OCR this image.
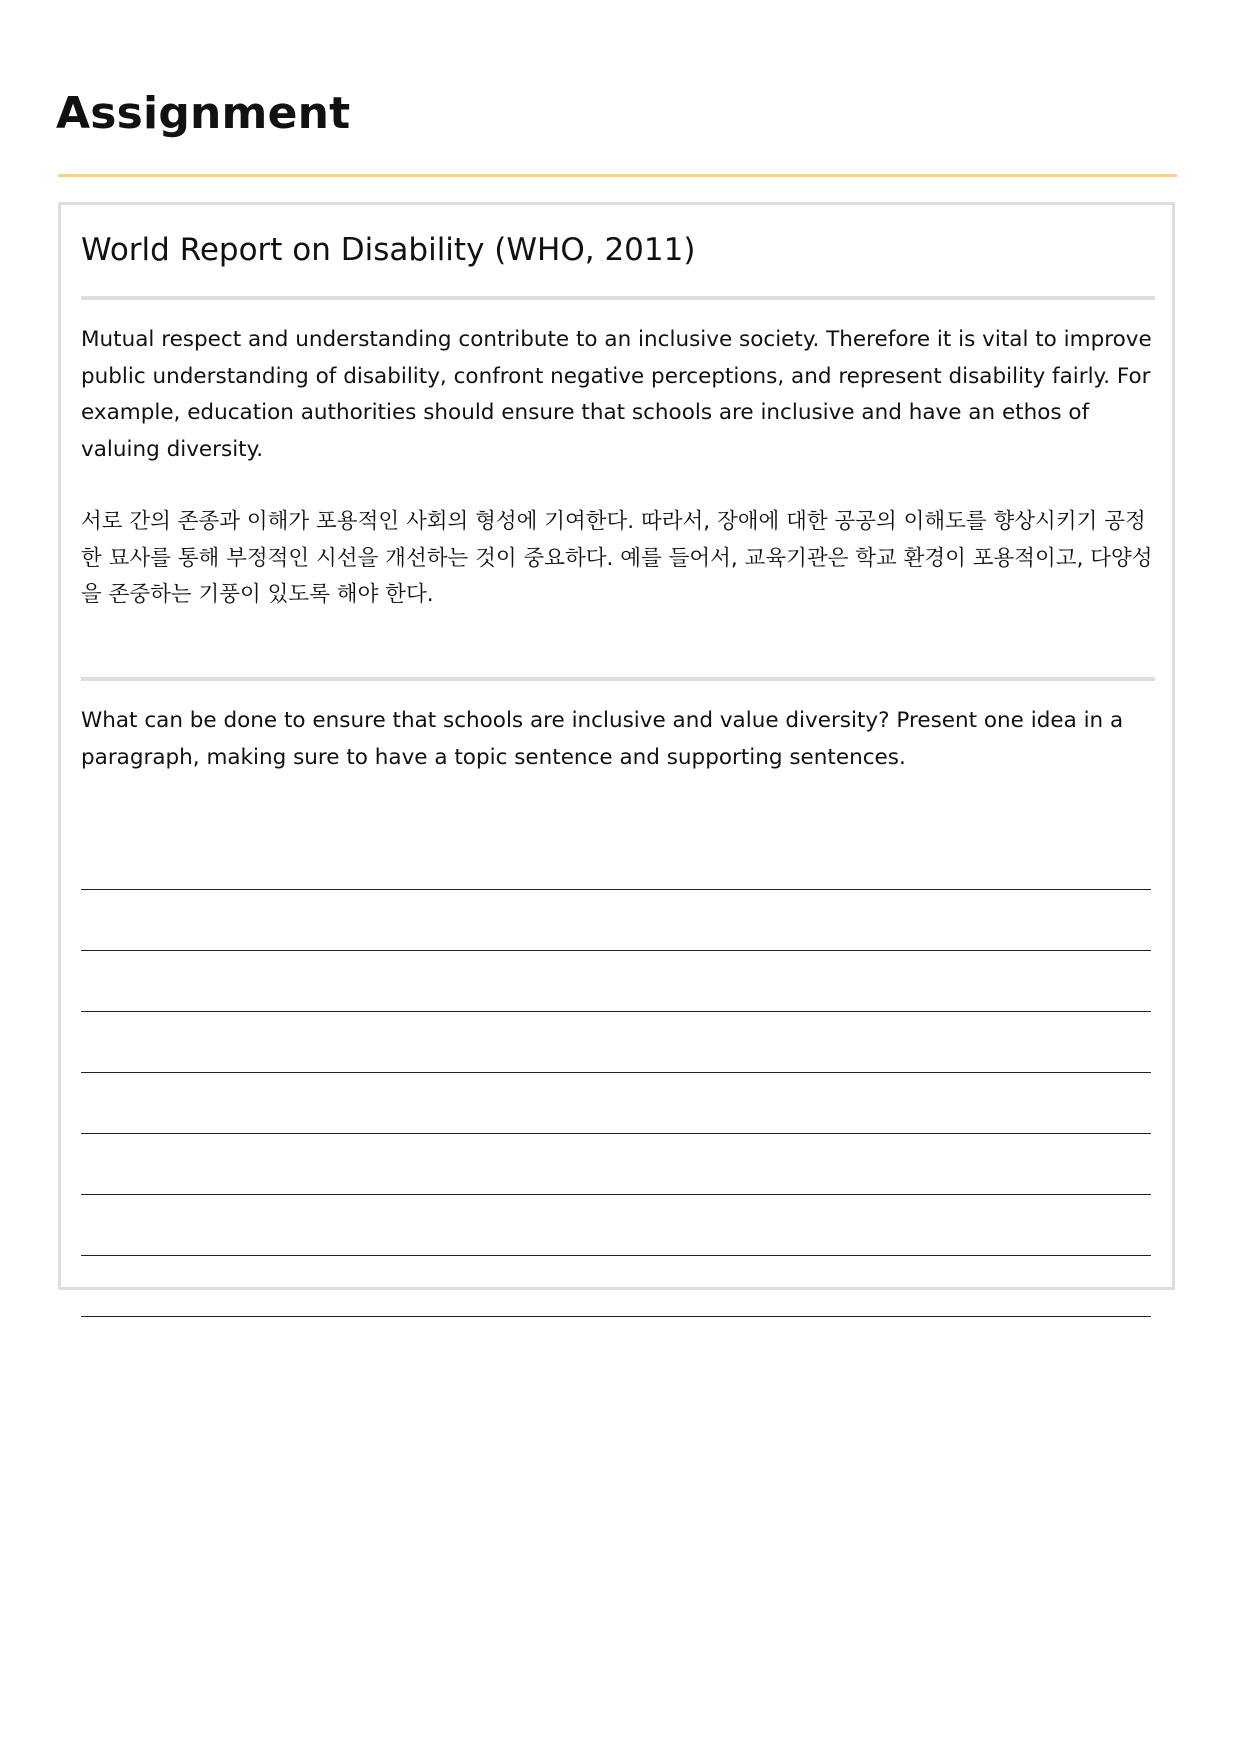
Assignment
World Report on Disability (WHO, 2011)

Mutual respect and understanding contribute to an inclusive society. Therefore it is vital to improve public understanding of disability, confront negative perceptions, and represent disability fairly. For example, education authorities should ensure that schools are inclusive and have an ethos of valuing diversity.

서로 간의 존종과 이해가 포용적인 사회의 형성에 기여한다. 따라서, 장애에 대한 공공의 이해도를 향상시키기 공정한 묘사를 통해 부정적인 시선을 개선하는 것이 중요하다. 예를 들어서, 교육기관은 학교 환경이 포용적이고, 다양성을 존중하는 기풍이 있도록 해야 한다.

What can be done to ensure that schools are inclusive and value diversity? Present one idea in a paragraph, making sure to have a topic sentence and supporting sentences.
